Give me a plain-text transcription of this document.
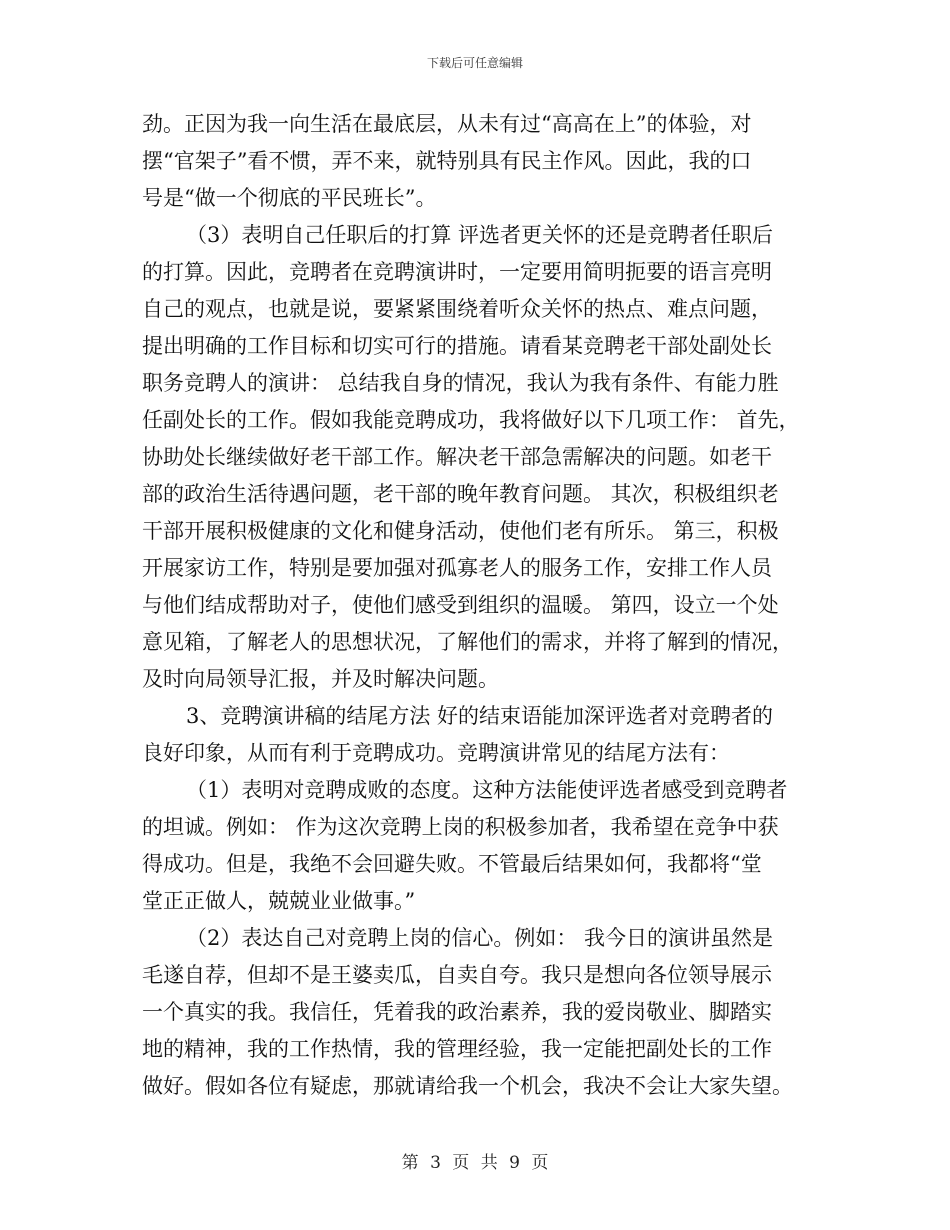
下载后可任意编辑
劲。正因为我一向生活在最底层，从未有过“高高在上”的体验，对
摆“官架子”看不惯，弄不来，就特别具有民主作风。因此，我的口
号是“做一个彻底的平民班长”。
（3）表明自己任职后的打算 评选者更关怀的还是竞聘者任职后
的打算。因此，竞聘者在竞聘演讲时，一定要用简明扼要的语言亮明
自己的观点，也就是说，要紧紧围绕着听众关怀的热点、难点问题，
提出明确的工作目标和切实可行的措施。请看某竞聘老干部处副处长
职务竞聘人的演讲： 总结我自身的情况，我认为我有条件、有能力胜
任副处长的工作。假如我能竞聘成功，我将做好以下几项工作： 首先，
协助处长继续做好老干部工作。解决老干部急需解决的问题。如老干
部的政治生活待遇问题，老干部的晚年教育问题。 其次，积极组织老
干部开展积极健康的文化和健身活动，使他们老有所乐。 第三，积极
开展家访工作，特别是要加强对孤寡老人的服务工作，安排工作人员
与他们结成帮助对子，使他们感受到组织的温暖。 第四，设立一个处
意见箱，了解老人的思想状况，了解他们的需求，并将了解到的情况，
及时向局领导汇报，并及时解决问题。
3、竞聘演讲稿的结尾方法 好的结束语能加深评选者对竞聘者的
良好印象，从而有利于竞聘成功。竞聘演讲常见的结尾方法有：
（1）表明对竞聘成败的态度。这种方法能使评选者感受到竞聘者
的坦诚。例如： 作为这次竞聘上岗的积极参加者，我希望在竞争中获
得成功。但是，我绝不会回避失败。不管最后结果如何，我都将“堂
堂正正做人，兢兢业业做事。”
（2）表达自己对竞聘上岗的信心。例如： 我今日的演讲虽然是
毛遂自荐，但却不是王婆卖瓜，自卖自夸。我只是想向各位领导展示
一个真实的我。我信任，凭着我的政治素养，我的爱岗敬业、脚踏实
地的精神，我的工作热情，我的管理经验，我一定能把副处长的工作
做好。假如各位有疑虑，那就请给我一个机会，我决不会让大家失望。
第 3 页 共 9 页
